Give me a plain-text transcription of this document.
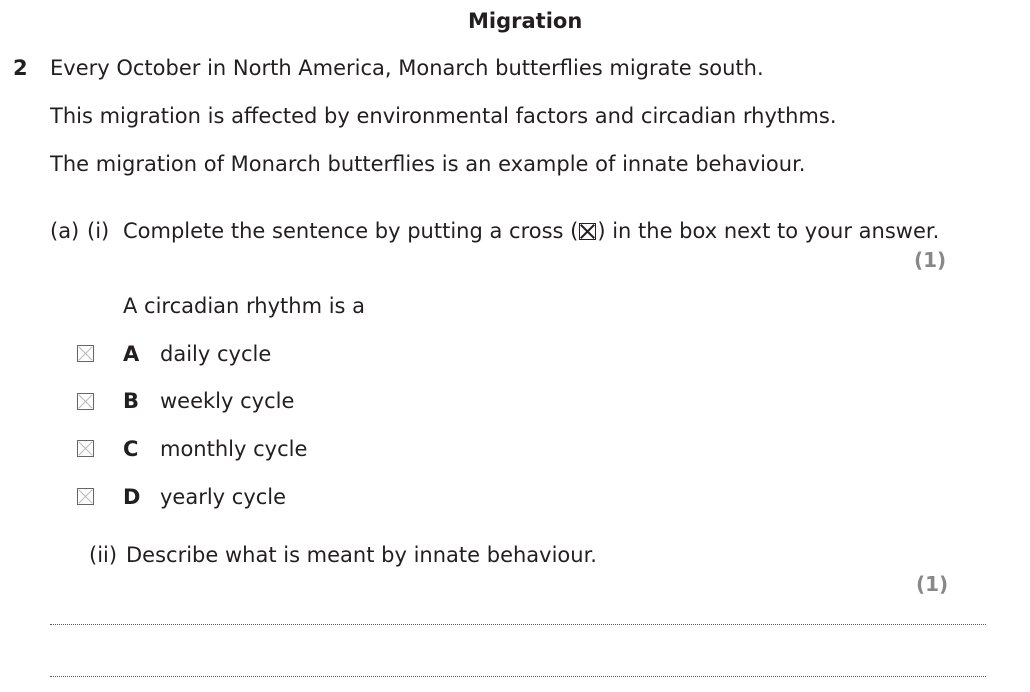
Migration
2 Every October in North America, Monarch butterflies migrate south.
This migration is affected by environmental factors and circadian rhythms.
The migration of Monarch butterflies is an example of innate behaviour.
(a) (i) Complete the sentence by putting a cross (☒) in the box next to your answer.
(1)
A circadian rhythm is a
A daily cycle
B weekly cycle
C monthly cycle
D yearly cycle
(ii) Describe what is meant by innate behaviour.
(1)
